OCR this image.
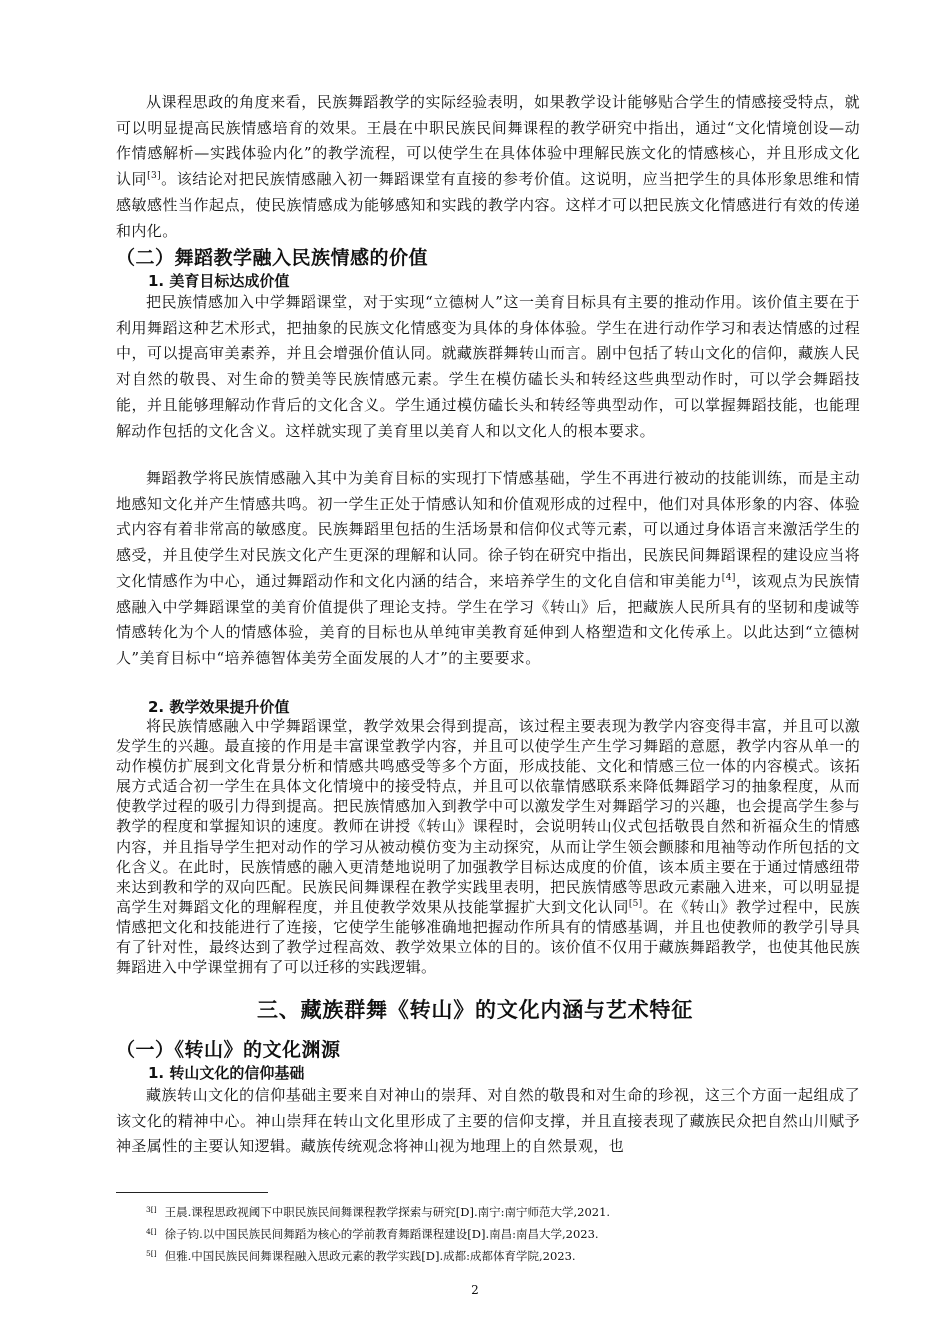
从课程思政的角度来看，民族舞蹈教学的实际经验表明，如果教学设计能够贴合学生的情感接受特点，就可以明显提高民族情感培育的效果。王晨在中职民族民间舞课程的教学研究中指出，通过“文化情境创设—动作情感解析—实践体验内化”的教学流程，可以使学生在具体体验中理解民族文化的情感核心，并且形成文化认同[3]。该结论对把民族情感融入初一舞蹈课堂有直接的参考价值。这说明，应当把学生的具体形象思维和情感敏感性当作起点，使民族情感成为能够感知和实践的教学内容。这样才可以把民族文化情感进行有效的传递和内化。

（二）舞蹈教学融入民族情感的价值
1. 美育目标达成价值

把民族情感加入中学舞蹈课堂，对于实现“立德树人”这一美育目标具有主要的推动作用。该价值主要在于利用舞蹈这种艺术形式，把抽象的民族文化情感变为具体的身体体验。学生在进行动作学习和表达情感的过程中，可以提高审美素养，并且会增强价值认同。就藏族群舞转山而言。剧中包括了转山文化的信仰，藏族人民对自然的敬畏、对生命的赞美等民族情感元素。学生在模仿磕长头和转经这些典型动作时，可以学会舞蹈技能，并且能够理解动作背后的文化含义。学生通过模仿磕长头和转经等典型动作，可以掌握舞蹈技能，也能理解动作包括的文化含义。这样就实现了美育里以美育人和以文化人的根本要求。

舞蹈教学将民族情感融入其中为美育目标的实现打下情感基础，学生不再进行被动的技能训练，而是主动地感知文化并产生情感共鸣。初一学生正处于情感认知和价值观形成的过程中，他们对具体形象的内容、体验式内容有着非常高的敏感度。民族舞蹈里包括的生活场景和信仰仪式等元素，可以通过身体语言来激活学生的感受，并且使学生对民族文化产生更深的理解和认同。徐子钧在研究中指出，民族民间舞蹈课程的建设应当将文化情感作为中心，通过舞蹈动作和文化内涵的结合，来培养学生的文化自信和审美能力[4]，该观点为民族情感融入中学舞蹈课堂的美育价值提供了理论支持。学生在学习《转山》后，把藏族人民所具有的坚韧和虔诚等情感转化为个人的情感体验，美育的目标也从单纯审美教育延伸到人格塑造和文化传承上。以此达到“立德树人”美育目标中“培养德智体美劳全面发展的人才”的主要要求。

2. 教学效果提升价值

将民族情感融入中学舞蹈课堂，教学效果会得到提高，该过程主要表现为教学内容变得丰富，并且可以激发学生的兴趣。最直接的作用是丰富课堂教学内容，并且可以使学生产生学习舞蹈的意愿，教学内容从单一的动作模仿扩展到文化背景分析和情感共鸣感受等多个方面，形成技能、文化和情感三位一体的内容模式。该拓展方式适合初一学生在具体文化情境中的接受特点，并且可以依靠情感联系来降低舞蹈学习的抽象程度，从而使教学过程的吸引力得到提高。把民族情感加入到教学中可以激发学生对舞蹈学习的兴趣，也会提高学生参与教学的程度和掌握知识的速度。教师在讲授《转山》课程时，会说明转山仪式包括敬畏自然和祈福众生的情感内容，并且指导学生把对动作的学习从被动模仿变为主动探究，从而让学生领会颤膝和甩袖等动作所包括的文化含义。在此时，民族情感的融入更清楚地说明了加强教学目标达成度的价值，该本质主要在于通过情感纽带来达到教和学的双向匹配。民族民间舞课程在教学实践里表明，把民族情感等思政元素融入进来，可以明显提高学生对舞蹈文化的理解程度，并且使教学效果从技能掌握扩大到文化认同[5]。在《转山》教学过程中，民族情感把文化和技能进行了连接，它使学生能够准确地把握动作所具有的情感基调，并且也使教师的教学引导具有了针对性，最终达到了教学过程高效、教学效果立体的目的。该价值不仅用于藏族舞蹈教学，也使其他民族舞蹈进入中学课堂拥有了可以迁移的实践逻辑。

三、藏族群舞《转山》的文化内涵与艺术特征
（一）《转山》的文化渊源
1. 转山文化的信仰基础

藏族转山文化的信仰基础主要来自对神山的崇拜、对自然的敬畏和对生命的珍视，这三个方面一起组成了该文化的精神中心。神山崇拜在转山文化里形成了主要的信仰支撑，并且直接表现了藏族民众把自然山川赋予神圣属性的主要认知逻辑。藏族传统观念将神山视为地理上的自然景观，也

$^{3[]}$ 王晨.课程思政视阈下中职民族民间舞课程教学探索与研究[D].南宁:南宁师范大学,2021.
$^{4[]}$ 徐子钧.以中国民族民间舞蹈为核心的学前教育舞蹈课程建设[D].南昌:南昌大学,2023.
$^{5[]}$ 但雅.中国民族民间舞课程融入思政元素的教学实践[D].成都:成都体育学院,2023.
2
